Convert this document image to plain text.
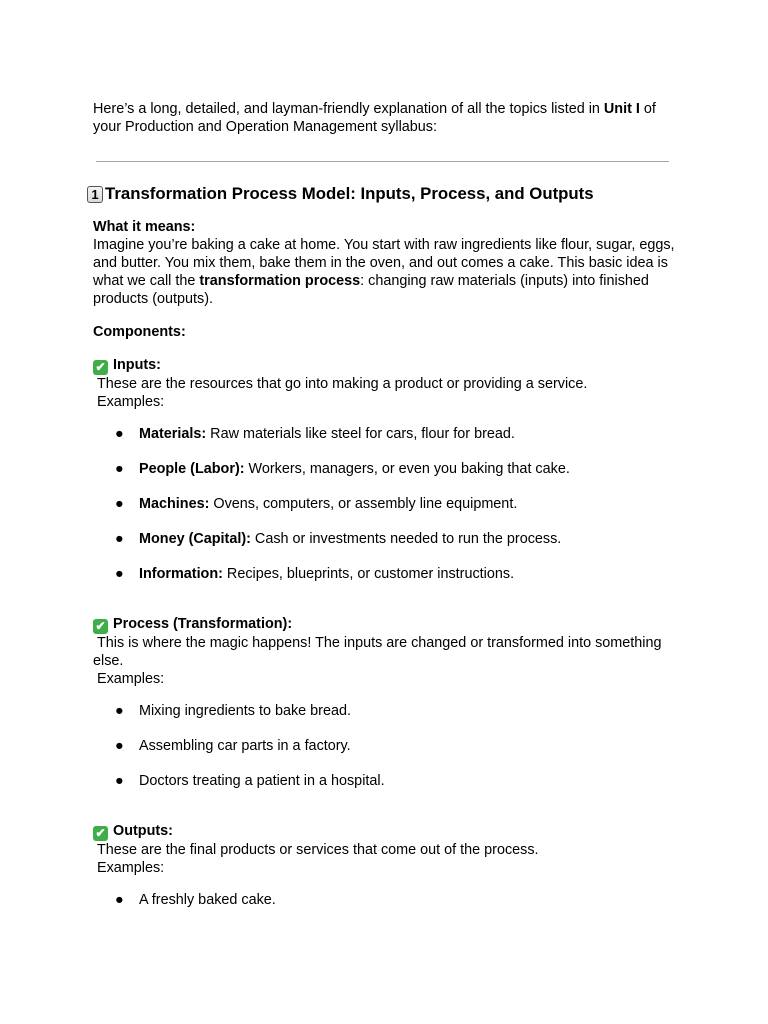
Here’s a long, detailed, and layman-friendly explanation of all the topics listed in Unit I of your Production and Operation Management syllabus:

1 Transformation Process Model: Inputs, Process, and Outputs

What it means:

Imagine you’re baking a cake at home. You start with raw ingredients like flour, sugar, eggs, and butter. You mix them, bake them in the oven, and out comes a cake. This basic idea is what we call the transformation process: changing raw materials (inputs) into finished products (outputs).

Components:

✔ Inputs:

These are the resources that go into making a product or providing a service.

Examples:

● Materials: Raw materials like steel for cars, flour for bread.
● People (Labor): Workers, managers, or even you baking that cake.
● Machines: Ovens, computers, or assembly line equipment.
● Money (Capital): Cash or investments needed to run the process.
● Information: Recipes, blueprints, or customer instructions.

✔ Process (Transformation):

This is where the magic happens! The inputs are changed or transformed into something else.

Examples:

● Mixing ingredients to bake bread.
● Assembling car parts in a factory.
● Doctors treating a patient in a hospital.

✔ Outputs:

These are the final products or services that come out of the process.

Examples:

● A freshly baked cake.
